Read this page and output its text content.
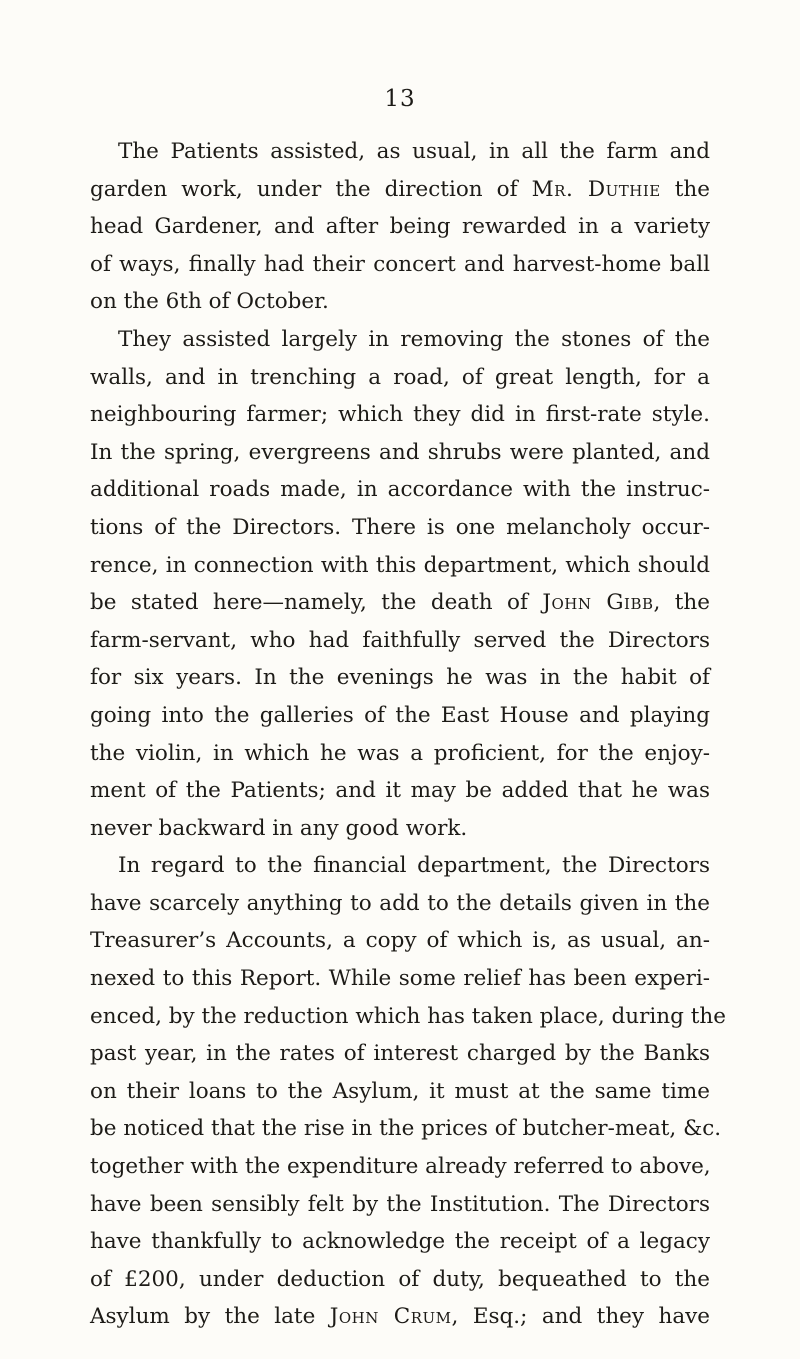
13
The Patients assisted, as usual, in all the farm and
garden work, under the direction of Mr. Duthie the
head Gardener, and after being rewarded in a variety
of ways, finally had their concert and harvest-home ball
on the 6th of October.
They assisted largely in removing the stones of the
walls, and in trenching a road, of great length, for a
neighbouring farmer; which they did in first-rate style.
In the spring, evergreens and shrubs were planted, and
additional roads made, in accordance with the instruc-
tions of the Directors. There is one melancholy occur-
rence, in connection with this department, which should
be stated here—namely, the death of John Gibb, the
farm-servant, who had faithfully served the Directors
for six years. In the evenings he was in the habit of
going into the galleries of the East House and playing
the violin, in which he was a proficient, for the enjoy-
ment of the Patients; and it may be added that he was
never backward in any good work.
In regard to the financial department, the Directors
have scarcely anything to add to the details given in the
Treasurer’s Accounts, a copy of which is, as usual, an-
nexed to this Report. While some relief has been experi-
enced, by the reduction which has taken place, during the
past year, in the rates of interest charged by the Banks
on their loans to the Asylum, it must at the same time
be noticed that the rise in the prices of butcher-meat, &c.
together with the expenditure already referred to above,
have been sensibly felt by the Institution. The Directors
have thankfully to acknowledge the receipt of a legacy
of £200, under deduction of duty, bequeathed to the
Asylum by the late John Crum, Esq.; and they have
